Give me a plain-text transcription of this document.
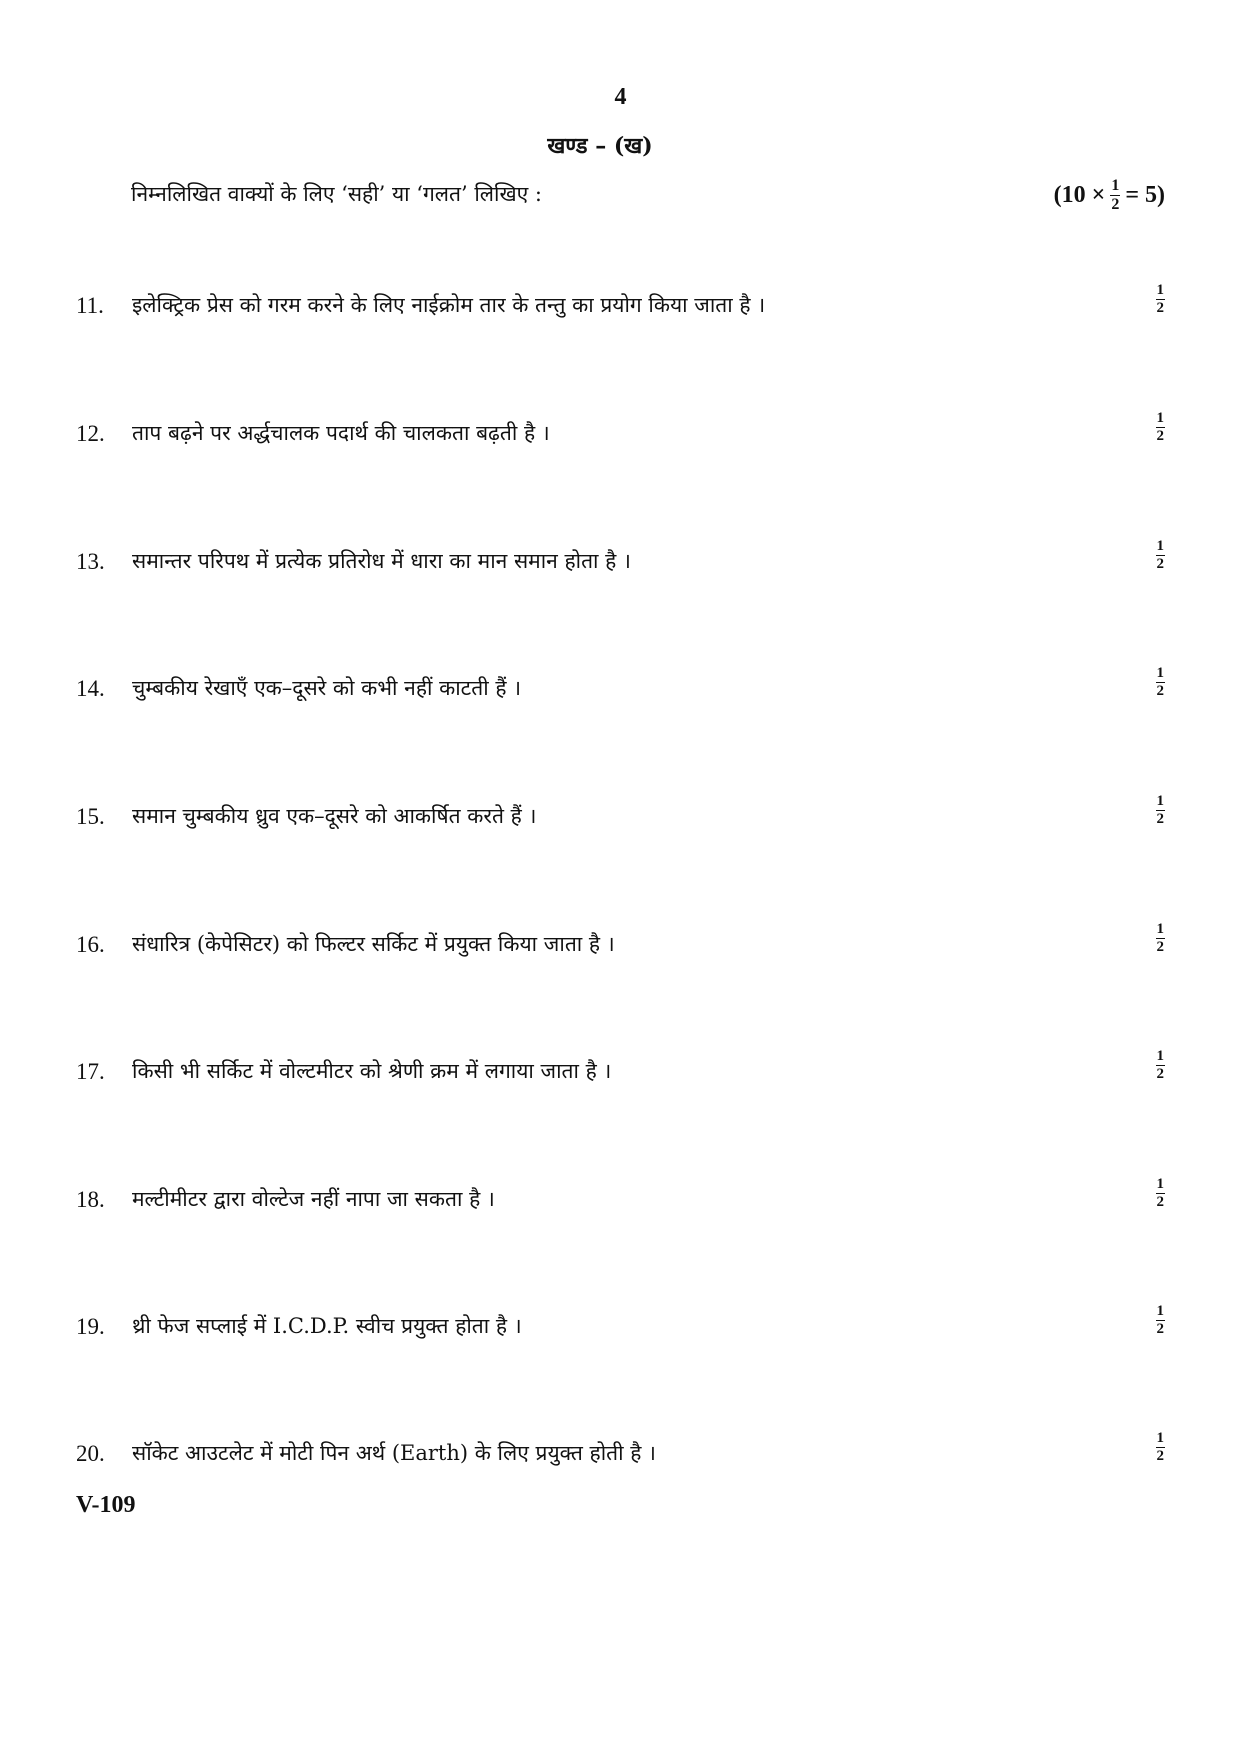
4
खण्ड – (ख)
निम्नलिखित वाक्यों के लिए ‘सही’ या ‘गलत’ लिखिए :	$(10 \times \frac{1}{2} = 5)$
11. इलेक्ट्रिक प्रेस को गरम करने के लिए नाईक्रोम तार के तन्तु का प्रयोग किया जाता है ।	$\frac{1}{2}$
12. ताप बढ़ने पर अर्द्धचालक पदार्थ की चालकता बढ़ती है ।	$\frac{1}{2}$
13. समान्तर परिपथ में प्रत्येक प्रतिरोध में धारा का मान समान होता है ।	$\frac{1}{2}$
14. चुम्बकीय रेखाएँ एक–दूसरे को कभी नहीं काटती हैं ।	$\frac{1}{2}$
15. समान चुम्बकीय ध्रुव एक–दूसरे को आकर्षित करते हैं ।	$\frac{1}{2}$
16. संधारित्र (केपेसिटर) को फिल्टर सर्किट में प्रयुक्त किया जाता है ।	$\frac{1}{2}$
17. किसी भी सर्किट में वोल्टमीटर को श्रेणी क्रम में लगाया जाता है ।	$\frac{1}{2}$
18. मल्टीमीटर द्वारा वोल्टेज नहीं नापा जा सकता है ।	$\frac{1}{2}$
19. थ्री फेज सप्लाई में I.C.D.P. स्वीच प्रयुक्त होता है ।	$\frac{1}{2}$
20. सॉकेट आउटलेट में मोटी पिन अर्थ (Earth) के लिए प्रयुक्त होती है ।	$\frac{1}{2}$
V-109
